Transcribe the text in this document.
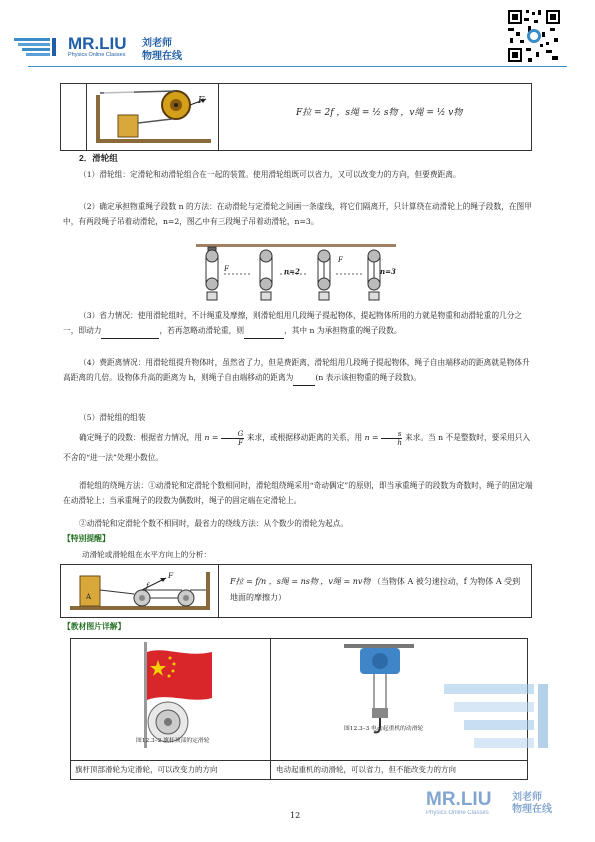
MR.LIU
Physics Online Classes
刘老师
物理在线
F
F拉 = 2f ，s绳 = ½ s物 ，v绳 = ½ v物
2．滑轮组
（1）滑轮组：定滑轮和动滑轮组合在一起的装置。使用滑轮组既可以省力，又可以改变力的方向，但要费距离。
（2）确定承担物重绳子段数 n 的方法：在动滑轮与定滑轮之间画一条虚线，将它们隔离开，只计算绕在动滑轮上的绳子段数，在图甲中，有两段绳子吊着动滑轮，n=2，图乙中有三段绳子吊着动滑轮，n=3。
F
F
n=2	n=3
（3）省力情况：使用滑轮组时，不计绳重及摩擦，则滑轮组用几段绳子提起物体，提起物体所用的力就是物重和动滑轮重的几分之一，即动力	，若再忽略动滑轮重，则	，其中 n 为承担物重的绳子段数。
（4）费距离情况：用滑轮组提升物体时，虽然省了力，但是费距离，滑轮组用几段绳子提起物体，绳子自由端移动的距离就是物体升高距离的几倍。设物体升高的距离为 h，则绳子自由端移动的距离为	(n 表示该担物重的绳子段数)。
（5）滑轮组的组装
确定绳子的段数：根据省力情况，用 $n = \frac{G}{F}$ 来求，或根据移动距离的关系，用 $n = \frac{s}{h}$ 来求。当 n 不是整数时，要采用只入不舍的“进一法”处理小数位。
滑轮组的绕绳方法：①动滑轮和定滑轮个数相同时，滑轮组绕绳采用“奇动偶定”的原则，即当承重绳子的段数为奇数时，绳子的固定端在动滑轮上；当承重绳子的段数为偶数时，绳子的固定端在定滑轮上。
②动滑轮和定滑轮个数不相同时，最省力的绕线方法：从个数少的滑轮为起点。
【特别提醒】
动滑轮或滑轮组在水平方向上的分析：
A
F
f	F拉 = f/n ，s绳 = ns物 ，v绳 = nv物 （当物体 A 被匀速拉动，f 为物体 A 受到地面的摩擦力）
【教材图片详解】
图12.3–2 旗杆顶部的定滑轮
图12.3–3 电动起重机的动滑轮
旗杆顶部滑轮为定滑轮，可以改变力的方向	电动起重机的动滑轮，可以省力，但不能改变力的方向
12
MR.LIU 刘老师
物理在线
Physics Online Classes
